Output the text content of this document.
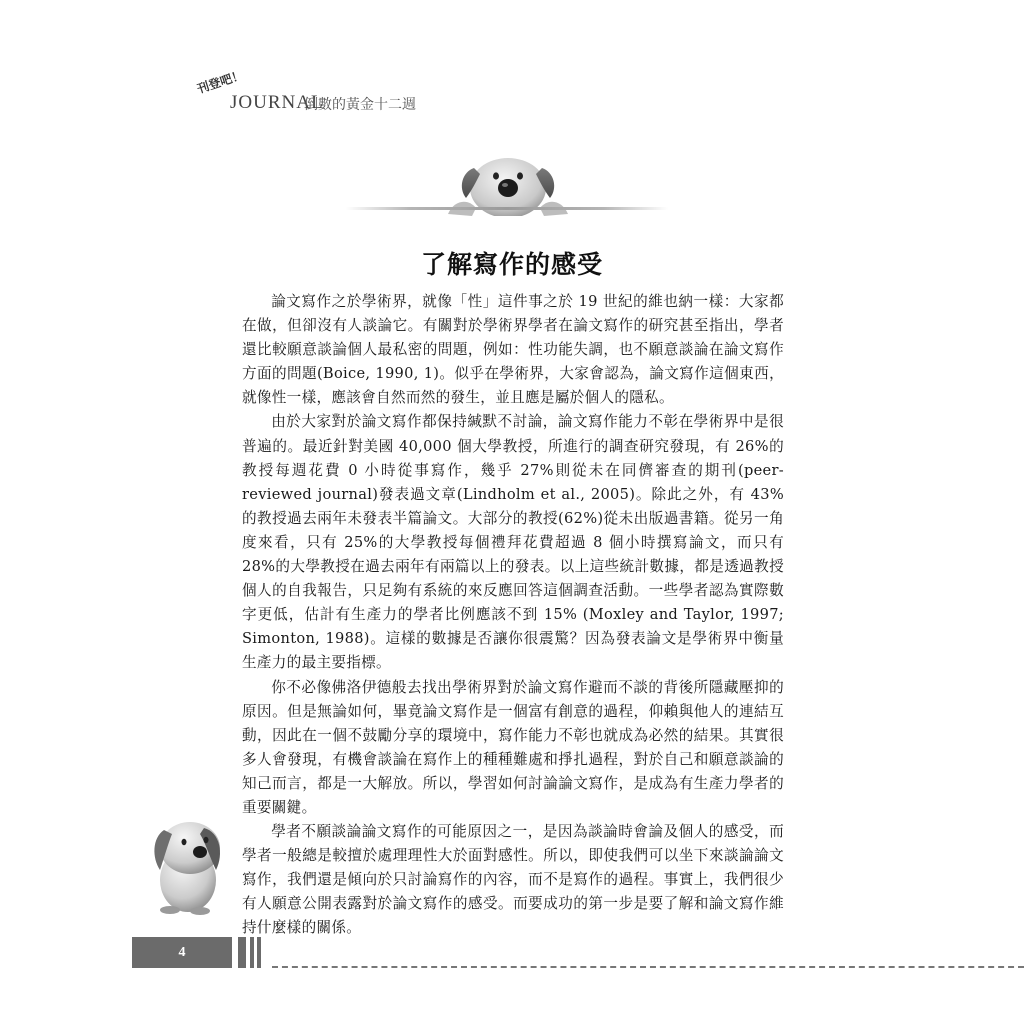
刊登吧！
JOURNAL
倒數的黃金十二週
了解寫作的感受

論文寫作之於學術界，就像「性」這件事之於 19 世紀的維也納一樣：大家都在做，但卻沒有人談論它。有關對於學術界學者在論文寫作的研究甚至指出，學者還比較願意談論個人最私密的問題，例如：性功能失調，也不願意談論在論文寫作方面的問題(Boice, 1990, 1)。似乎在學術界，大家會認為，論文寫作這個東西，就像性一樣，應該會自然而然的發生，並且應是屬於個人的隱私。

由於大家對於論文寫作都保持緘默不討論，論文寫作能力不彰在學術界中是很普遍的。最近針對美國 40,000 個大學教授，所進行的調查研究發現，有 26%的教授每週花費 0 小時從事寫作，幾乎 27%則從未在同儕審查的期刊(peer-reviewed journal)發表過文章(Lindholm et al., 2005)。除此之外，有 43%的教授過去兩年未發表半篇論文。大部分的教授(62%)從未出版過書籍。從另一角度來看，只有 25%的大學教授每個禮拜花費超過 8 個小時撰寫論文，而只有 28%的大學教授在過去兩年有兩篇以上的發表。以上這些統計數據，都是透過教授個人的自我報告，只足夠有系統的來反應回答這個調查活動。一些學者認為實際數字更低，估計有生產力的學者比例應該不到 15% (Moxley and Taylor, 1997; Simonton, 1988)。這樣的數據是否讓你很震驚？因為發表論文是學術界中衡量生產力的最主要指標。

你不必像佛洛伊德般去找出學術界對於論文寫作避而不談的背後所隱藏壓抑的原因。但是無論如何，畢竟論文寫作是一個富有創意的過程，仰賴與他人的連結互動，因此在一個不鼓勵分享的環境中，寫作能力不彰也就成為必然的結果。其實很多人會發現，有機會談論在寫作上的種種難處和掙扎過程，對於自己和願意談論的知己而言，都是一大解放。所以，學習如何討論論文寫作，是成為有生產力學者的重要關鍵。

學者不願談論論文寫作的可能原因之一，是因為談論時會論及個人的感受，而學者一般總是較擅於處理理性大於面對感性。所以，即使我們可以坐下來談論論文寫作，我們還是傾向於只討論寫作的內容，而不是寫作的過程。事實上，我們很少有人願意公開表露對於論文寫作的感受。而要成功的第一步是要了解和論文寫作維持什麼樣的關係。

4
